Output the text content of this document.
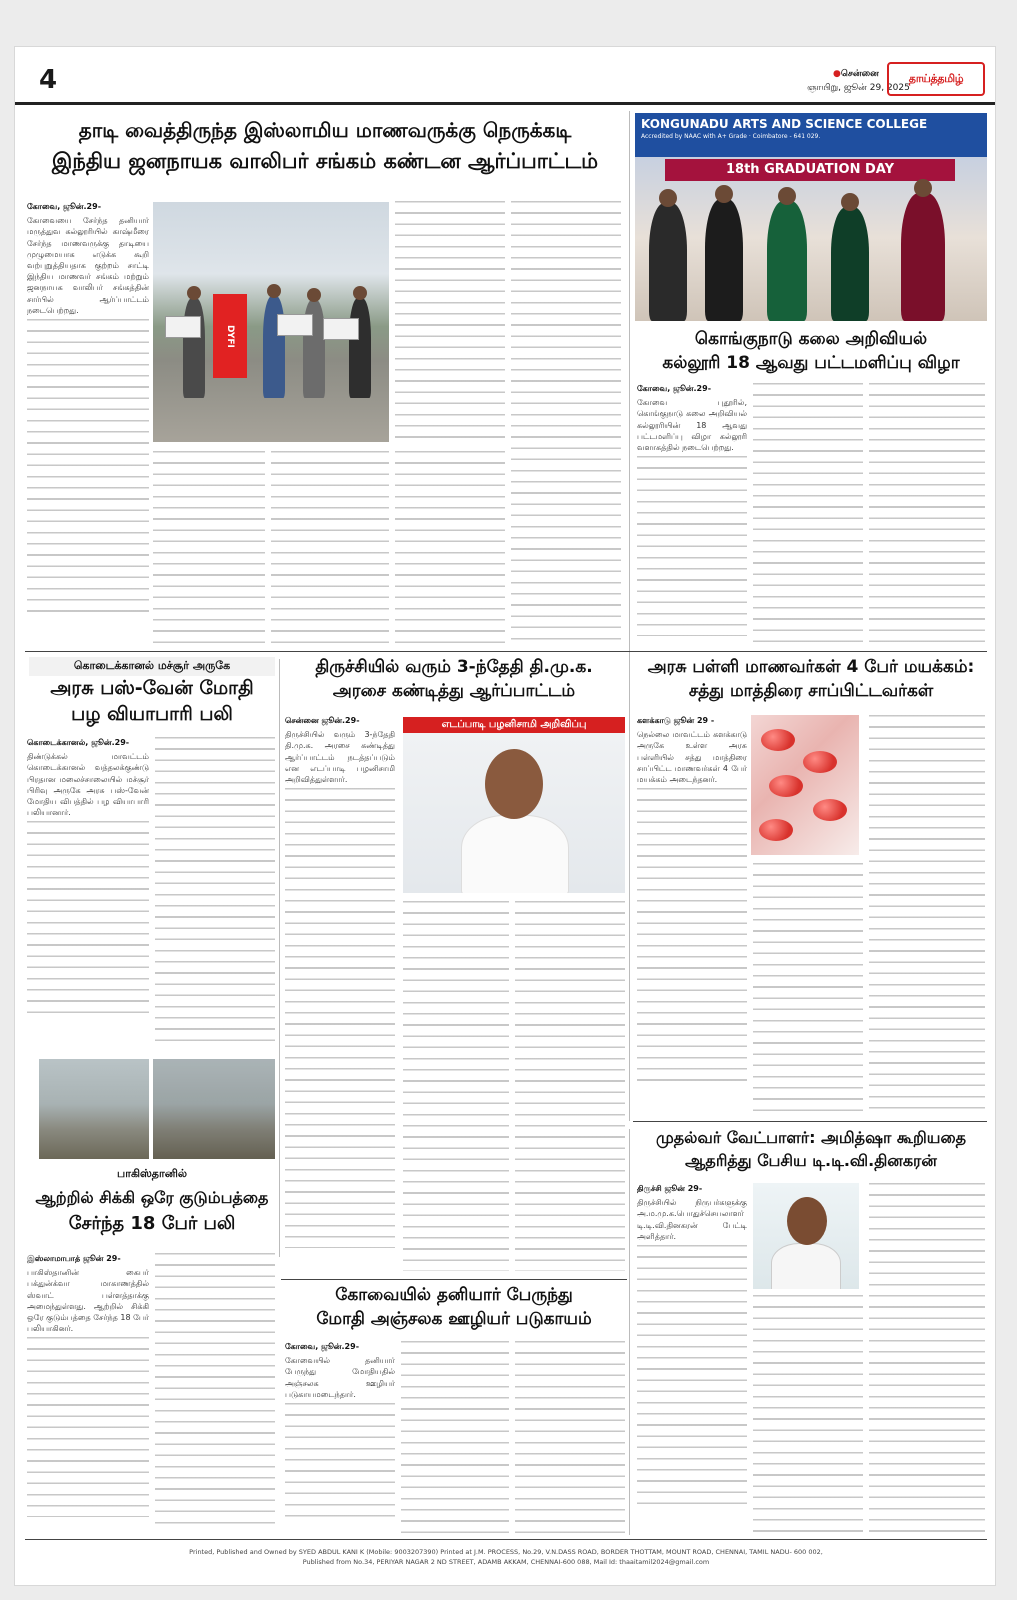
4	●சென்னை
ஞாயிறு, ஜூன் 29, 2025
தாய்த்தமிழ்
தாடி வைத்திருந்த இஸ்லாமிய மாணவருக்கு நெருக்கடி
இந்திய ஜனநாயக வாலிபர் சங்கம் கண்டன ஆர்ப்பாட்டம்

கோவை, ஜூன்.29-

கோவையை சேர்ந்த தனியார் மருத்துவ கல்லூரியில் காஷ்மீரை சேர்ந்த மாணவருக்கு தாடியை முழுமையாக எடுக்க கூறி வற்புறுத்தியதாக குற்றம் சாட்டி இந்திய மாணவர் சங்கம் மற்றும் ஜனநாயக வாலிபர் சங்கத்தின் சார்பில் ஆர்ப்பாட்டம் நடைபெற்றது.

DYFI
KONGUNADU ARTS AND SCIENCE COLLEGE
Accredited by NAAC with A+ Grade · Coimbatore - 641 029.
18th GRADUATION DAY
கொங்குநாடு கலை அறிவியல்
கல்லூரி 18 ஆவது பட்டமளிப்பு விழா

கோவை, ஜூன்.29-

கோவை புதூரில், கொங்குநாடு கலை அறிவியல் கல்லூரியின் 18 ஆவது பட்டமளிப்பு விழா கல்லூரி வளாகத்தில் நடைபெற்றது.

கொடைக்கானல் மச்சூர் அருகே
அரசு பஸ்-வேன் மோதி
பழ வியாபாரி பலி

கொடைக்கானல், ஜூன்.29-

திண்டுக்கல் மாவட்டம் கொடைக்கானல் வத்தலக்குண்டு பிரதான மலைச்சாலையில் மச்சூர் பிரிவு அருகே அரசு பஸ்-வேன் மோதிய விபத்தில் பழ வியாபாரி பலியானார்.

திருச்சியில் வரும் 3-ந்தேதி தி.மு.க.
அரசை கண்டித்து ஆர்ப்பாட்டம்

சென்னை ஜூன்.29-

திருச்சியில் வரும் 3-ந்தேதி தி.மு.க. அரசை கண்டித்து ஆர்ப்பாட்டம் நடத்தப்படும் என எடப்பாடி பழனிசாமி அறிவித்துள்ளார்.

எடப்பாடி பழனிசாமி அறிவிப்பு
அரசு பள்ளி மாணவர்கள் 4 பேர் மயக்கம்:
சத்து மாத்திரை சாப்பிட்டவர்கள்

களக்காடு ஜூன் 29 -

நெல்லை மாவட்டம் களக்காடு அருகே உள்ள அரசு பள்ளியில் சத்து மாத்திரை சாப்பிட்ட மாணவர்கள் 4 பேர் மயக்கம் அடைந்தனர்.

பாகிஸ்தானில்
ஆற்றில் சிக்கி ஒரே குடும்பத்தை
சேர்ந்த 18 பேர் பலி

இஸ்லாமாபாத் ஜூன் 29-

பாகிஸ்தானின் கைபர் பக்துன்க்வா மாகாணத்தில் ஸ்வாட் பள்ளத்தாக்கு அமைந்துள்ளது. ஆற்றில் சிக்கி ஒரே குடும்பத்தை சேர்ந்த 18 பேர் பலியாகினர்.

முதல்வர் வேட்பாளர்: அமித்ஷா கூறியதை
ஆதரித்து பேசிய டி.டி.வி.தினகரன்

திருச்சி ஜூன் 29-

திருச்சியில் நிருபர்களுக்கு அ.ம.மு.க.பொதுச்செயலாளர் டி.டி.வி.தினகரன் பேட்டி அளித்தார்.

கோவையில் தனியார் பேருந்து
மோதி அஞ்சலக ஊழியர் படுகாயம்

கோவை, ஜூன்.29-

கோவையில் தனியார் பேருந்து மோதியதில் அஞ்சலக ஊழியர் படுகாயமடைந்தார்.

Printed, Published and Owned by SYED ABDUL KANI K (Mobile: 9003207390) Printed at J.M. PROCESS, No.29, V.N.DASS ROAD, BORDER THOTTAM, MOUNT ROAD, CHENNAI, TAMIL NADU- 600 002,
Published from No.34, PERIYAR NAGAR 2 ND STREET, ADAMB AKKAM, CHENNAI-600 088, Mail Id: thaaitamil2024@gmail.com
